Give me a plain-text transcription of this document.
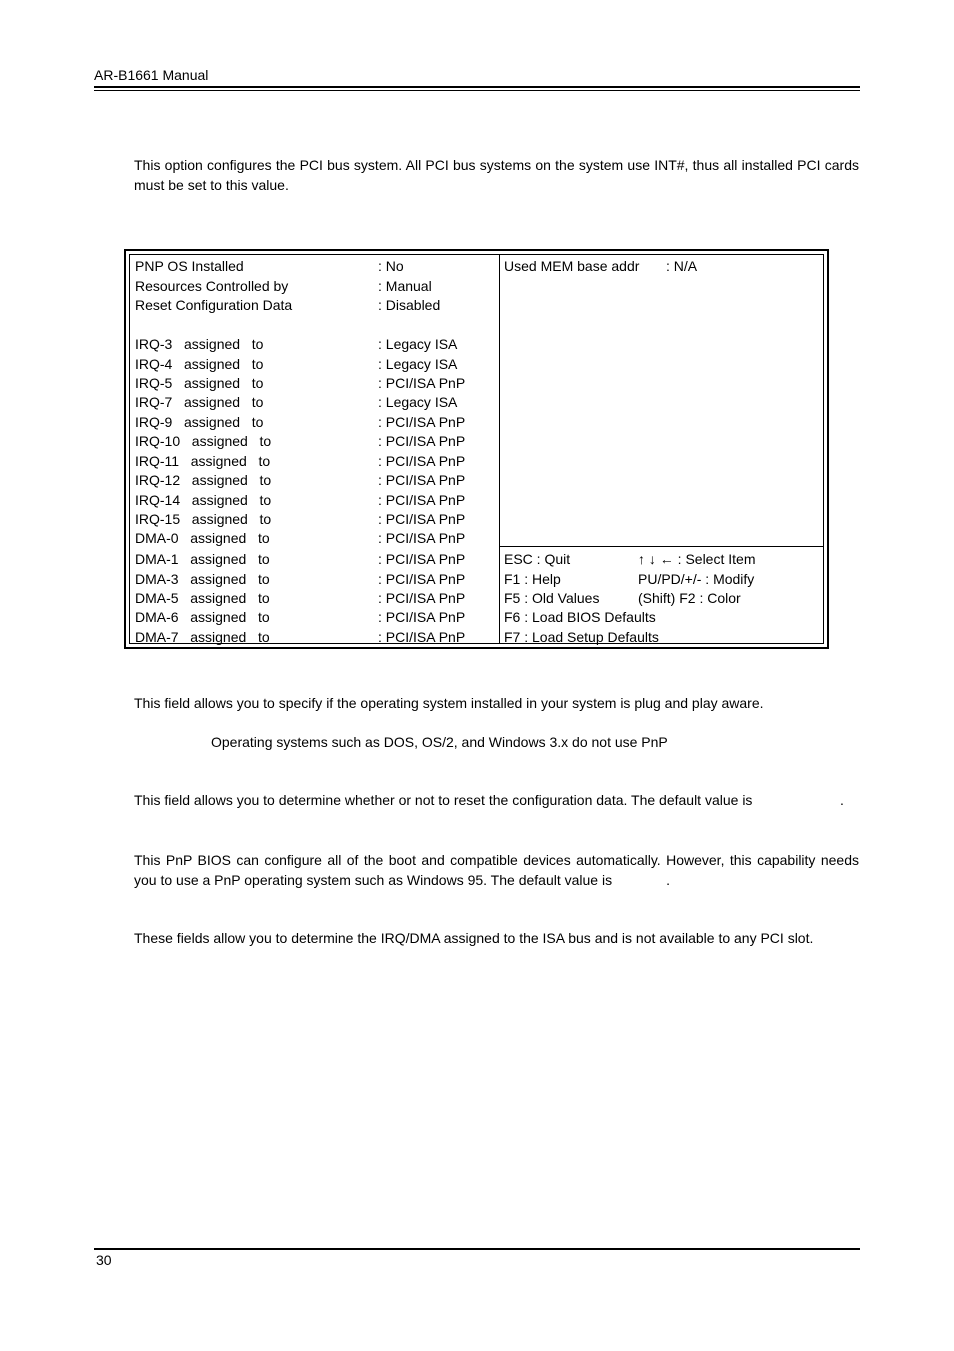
AR-B1661 Manual
This option configures the PCI bus system. All PCI bus systems on the system use INT#, thus all installed PCI cards must be set to this value.
PNP OS Installed	: No
Resources Controlled by	: Manual
Reset Configuration Data	: Disabled
IRQ-3   assigned   to	: Legacy ISA
IRQ-4   assigned   to	: Legacy ISA
IRQ-5   assigned   to	: PCI/ISA PnP
IRQ-7   assigned   to	: Legacy ISA
IRQ-9   assigned   to	: PCI/ISA PnP
IRQ-10   assigned   to	: PCI/ISA PnP
IRQ-11   assigned   to	: PCI/ISA PnP
IRQ-12   assigned   to	: PCI/ISA PnP
IRQ-14   assigned   to	: PCI/ISA PnP
IRQ-15   assigned   to	: PCI/ISA PnP
DMA-0   assigned   to	: PCI/ISA PnP
DMA-1   assigned   to	: PCI/ISA PnP
DMA-3   assigned   to	: PCI/ISA PnP
DMA-5   assigned   to	: PCI/ISA PnP
DMA-6   assigned   to	: PCI/ISA PnP
DMA-7   assigned   to	: PCI/ISA PnP
Used MEM base addr : N/A
ESC : Quit	↑ ↓ ← : Select Item
F1 : Help	PU/PD/+/- : Modify
F5 : Old Values	(Shift) F2 : Color
F6 : Load BIOS Defaults
F7 : Load Setup Defaults
This field allows you to specify if the operating system installed in your system is plug and play aware.
Operating systems such as DOS, OS/2, and Windows 3.x do not use PnP
This field allows you to determine whether or not to reset the configuration data. The default value is	.
This PnP BIOS can configure all of the boot and compatible devices automatically. However, this capability needs you to use a PnP operating system such as Windows 95. The default value is	.
These fields allow you to determine the IRQ/DMA assigned to the ISA bus and is not available to any PCI slot.
30
